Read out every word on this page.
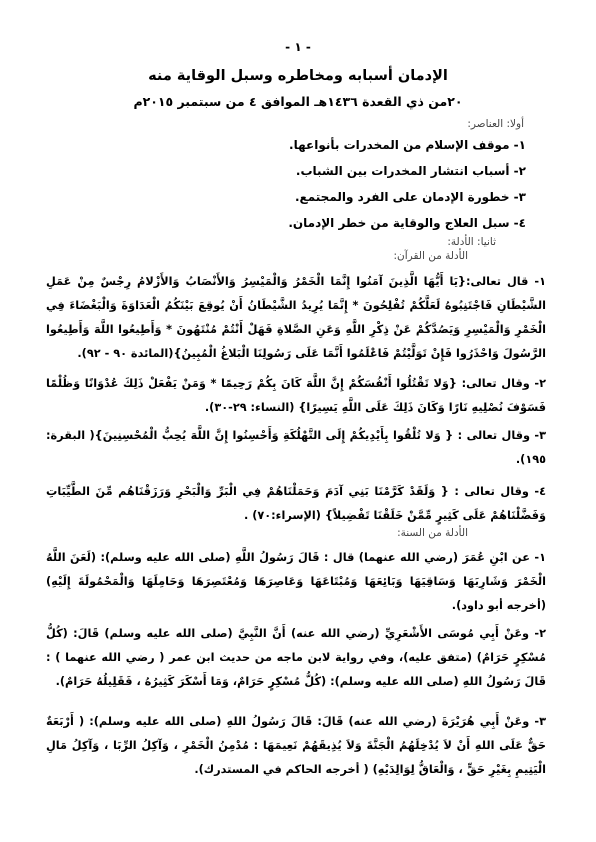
- ١ -
الإدمان أسبابه ومخاطره وسبل الوقاية منه
٢٠من ذي القعدة ١٤٣٦هـ الموافق ٤ من سبتمبر ٢٠١٥م
أولا: العناصر:
١- موقف الإسلام من المخدرات بأنواعها.
٢- أسباب انتشار المخدرات بين الشباب.
٣- خطورة الإدمان على الفرد والمجتمع.
٤- سبل العلاج والوقاية من خطر الإدمان.
ثانيا: الأدلة:
الأدلة من القرآن:
١- قال تعالى:{يَا أَيُّهَا الَّذِينَ آمَنُوا إِنَّمَا الْخَمْرُ وَالْمَيْسِرُ وَالأَنْصَابُ وَالأَزْلامُ رِجْسٌ مِنْ عَمَلِ الشَّيْطَانِ فَاجْتَنِبُوهُ لَعَلَّكُمْ تُفْلِحُونَ * إِنَّمَا يُرِيدُ الشَّيْطَانُ أَنْ يُوقِعَ بَيْنَكُمُ الْعَدَاوَةَ وَالْبَغْضَاءَ فِي الْخَمْرِ وَالْمَيْسِرِ وَيَصُدَّكُمْ عَنْ ذِكْرِ اللَّهِ وَعَنِ الصَّلاةِ فَهَلْ أَنْتُمْ مُنْتَهُونَ * وَأَطِيعُوا اللَّهَ وَأَطِيعُوا الرَّسُولَ وَاحْذَرُوا فَإِنْ تَوَلَّيْتُمْ فَاعْلَمُوا أَنَّمَا عَلَى رَسُولِنَا الْبَلاغُ الْمُبِينُ}(المائدة ٩٠ - ٩٢).
٢- وقال تعالى: {وَلا تَقْتُلُوا أَنْفُسَكُمْ إِنَّ اللَّهَ كَانَ بِكُمْ رَحِيمًا * وَمَنْ يَفْعَلْ ذَلِكَ عُدْوَانًا وَظُلْمًا فَسَوْفَ نُصْلِيهِ نَارًا وَكَانَ ذَلِكَ عَلَى اللَّهِ يَسِيرًا} (النساء: ٢٩-٣٠).
٣- وقال تعالى : { وَلا تُلْقُوا بِأَيْدِيكُمْ إِلَى التَّهْلُكَةِ وَأَحْسِنُوا إِنَّ اللَّهَ يُحِبُّ الْمُحْسِنِينَ}( البقرة: ١٩٥).
٤- وقال تعالى : { وَلَقَدْ كَرَّمْنَا بَنِي آدَمَ وَحَمَلْنَاهُمْ فِي الْبَرِّ وَالْبَحْرِ وَرَزَقْنَاهُم مِّنَ الطَّيِّبَاتِ وَفَضَّلْنَاهُمْ عَلَى كَثِيرٍ مِّمَّنْ خَلَقْنَا تَفْضِيلاً} (الإسراء:٧٠) .
الأدلة من السنة:
١- عن ابْنِ عُمَرَ (رضي الله عنهما) قال : قَالَ رَسُولُ اللَّهِ (صلى الله عليه وسلم): (لَعَنَ اللَّهُ الْخَمْرَ وَشَارِبَهَا وَسَاقِيَهَا وَبَائِعَهَا وَمُبْتَاعَهَا وَعَاصِرَهَا وَمُعْتَصِرَهَا وَحَامِلَهَا وَالْمَحْمُولَةَ إِلَيْهِ) (أخرجه أبو داود).
٢- وعَنْ أَبِي مُوسَى الأَشْعَرِيِّ (رضي الله عنه) أَنَّ النَّبِيَّ (صلى الله عليه وسلم) قَالَ: (كُلُّ مُسْكِرٍ حَرَامٌ) (متفق عليه)، وفي رواية لابن ماجه من حديث ابن عمر ( رضي الله عنهما ) : قَالَ رَسُولُ اللهِ (صلى الله عليه وسلم): (كُلُّ مُسْكِرٍ حَرَامٌ، وَمَا أَسْكَرَ كَثِيرُهُ ، فَقَلِيلُهُ حَرَامٌ).
٣- وعَنْ أَبِي هُرَيْرَةَ (رضي الله عنه) قَالَ: قَالَ رَسُولُ اللهِ (صلى الله عليه وسلم): ( أَرْبَعَةٌ حَقٌّ عَلَى اللهِ أَنْ لاَ يُدْخِلَهُمُ الْجَنَّةَ وَلاَ يُذِيقَهُمْ نَعِيمَهَا : مُدْمِنُ الْخَمْرِ ، وَآكِلُ الرِّبَا ، وَآكِلُ مَالِ الْيَتِيمِ بِغَيْرِ حَقٍّ ، وَالْعَاقُّ لِوَالِدَيْهِ) ( أخرجه الحاكم في المستدرك).
